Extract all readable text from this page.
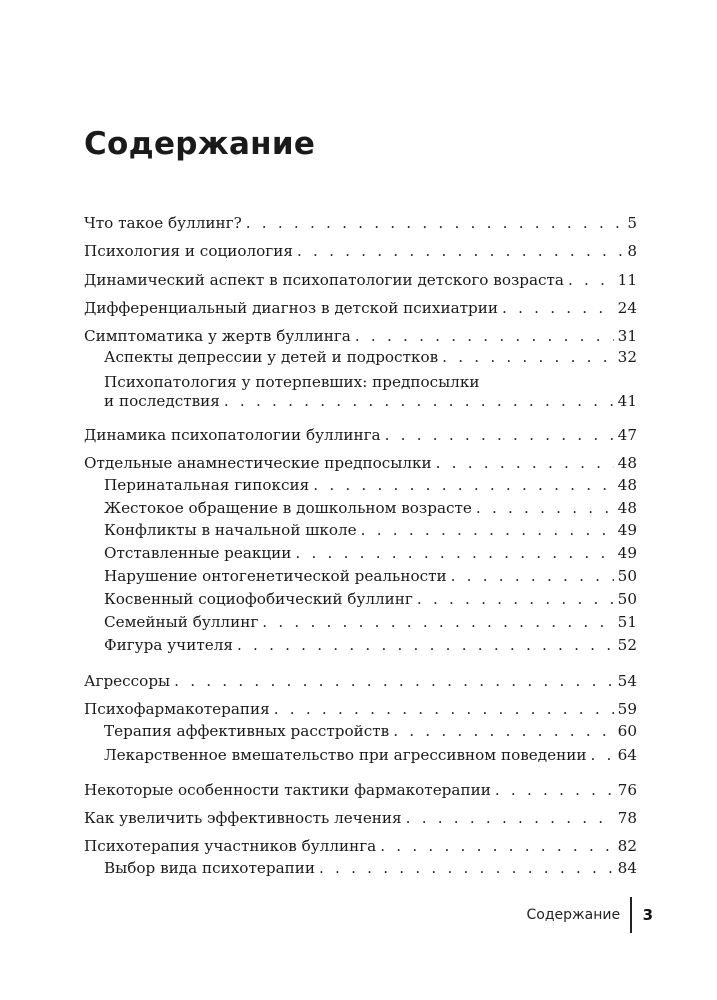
Содержание
Что такое буллинг? . . .	5
Психология и социология . . .	8
Динамический аспект в психопатологии детского возраста . . .	11
Дифференциальный диагноз в детской психиатрии . . .	24
Симптоматика у жертв буллинга . . .	31
Аспекты депрессии у детей и подростков . . .	32
Психопатология у потерпевших: предпосылки
и последствия . . .	41
Динамика психопатологии буллинга . . .	47
Отдельные анамнестические предпосылки . . .	48
Перинатальная гипоксия . . .	48
Жестокое обращение в дошкольном возрасте . . .	48
Конфликты в начальной школе . . .	49
Отставленные реакции . . .	49
Нарушение онтогенетической реальности . . .	50
Косвенный социофобический буллинг . . .	50
Семейный буллинг . . .	51
Фигура учителя . . .	52
Агрессоры . . .	54
Психофармакотерапия . . .	59
Терапия аффективных расстройств . . .	60
Лекарственное вмешательство при агрессивном поведении . . . 64
Некоторые особенности тактики фармакотерапии . . .	76
Как увеличить эффективность лечения . . .	78
Психотерапия участников буллинга . . .	82
Выбор вида психотерапии . . .	84
Содержание 3
